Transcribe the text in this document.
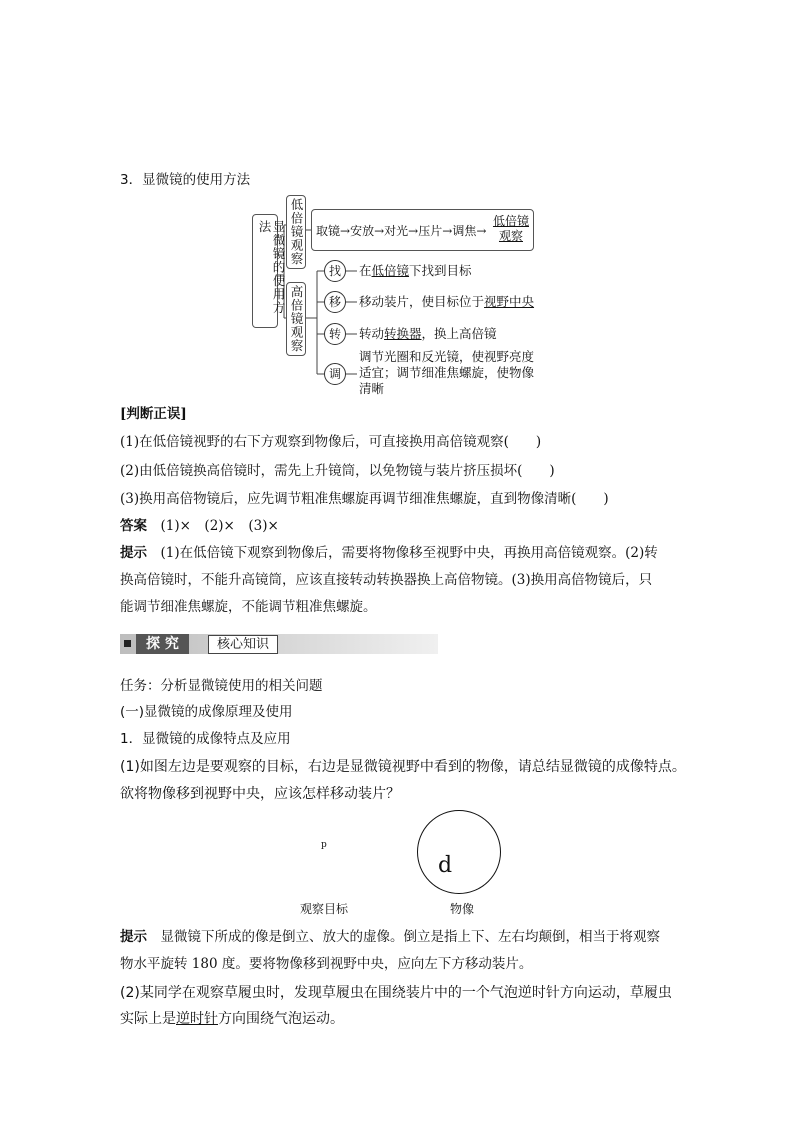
3．显微镜的使用方法
显微镜的使用方法	低倍镜观察 取镜→安放→对光→压片→调焦→
低倍镜观察
高倍镜观察
找
移
转
调
在低倍镜下找到目标
移动装片，使目标位于视野中央
转动转换器，换上高倍镜
调节光圈和反光镜，使视野亮度
适宜；调节细准焦螺旋，使物像
清晰
[判断正误]
(1)在低倍镜视野的右下方观察到物像后，可直接换用高倍镜观察(　　)
(2)由低倍镜换高倍镜时，需先上升镜筒，以免物镜与装片挤压损坏(　　)
(3)换用高倍物镜后，应先调节粗准焦螺旋再调节细准焦螺旋，直到物像清晰(　　)
答案　 (1)×　(2)×　(3)×
提示　 (1)在低倍镜下观察到物像后，需要将物像移至视野中央，再换用高倍镜观察。(2)转
换高倍镜时，不能升高镜筒，应该直接转动转换器换上高倍物镜。(3)换用高倍物镜后，只
能调节细准焦螺旋，不能调节粗准焦螺旋。
探 究	核心知识
任务：分析显微镜使用的相关问题
(一)显微镜的成像原理及使用
1．显微镜的成像特点及应用
(1)如图左边是要观察的目标，右边是显微镜视野中看到的物像，请总结显微镜的成像特点。
欲将物像移到视野中央，应该怎样移动装片？
p
d
观察目标	物像
提示　 显微镜下所成的像是倒立、放大的虚像。倒立是指上下、左右均颠倒，相当于将观察
物水平旋转 180 度。要将物像移到视野中央，应向左下方移动装片。
(2)某同学在观察草履虫时，发现草履虫在围绕装片中的一个气泡逆时针方向运动，草履虫
实际上是逆时针方向围绕气泡运动。
